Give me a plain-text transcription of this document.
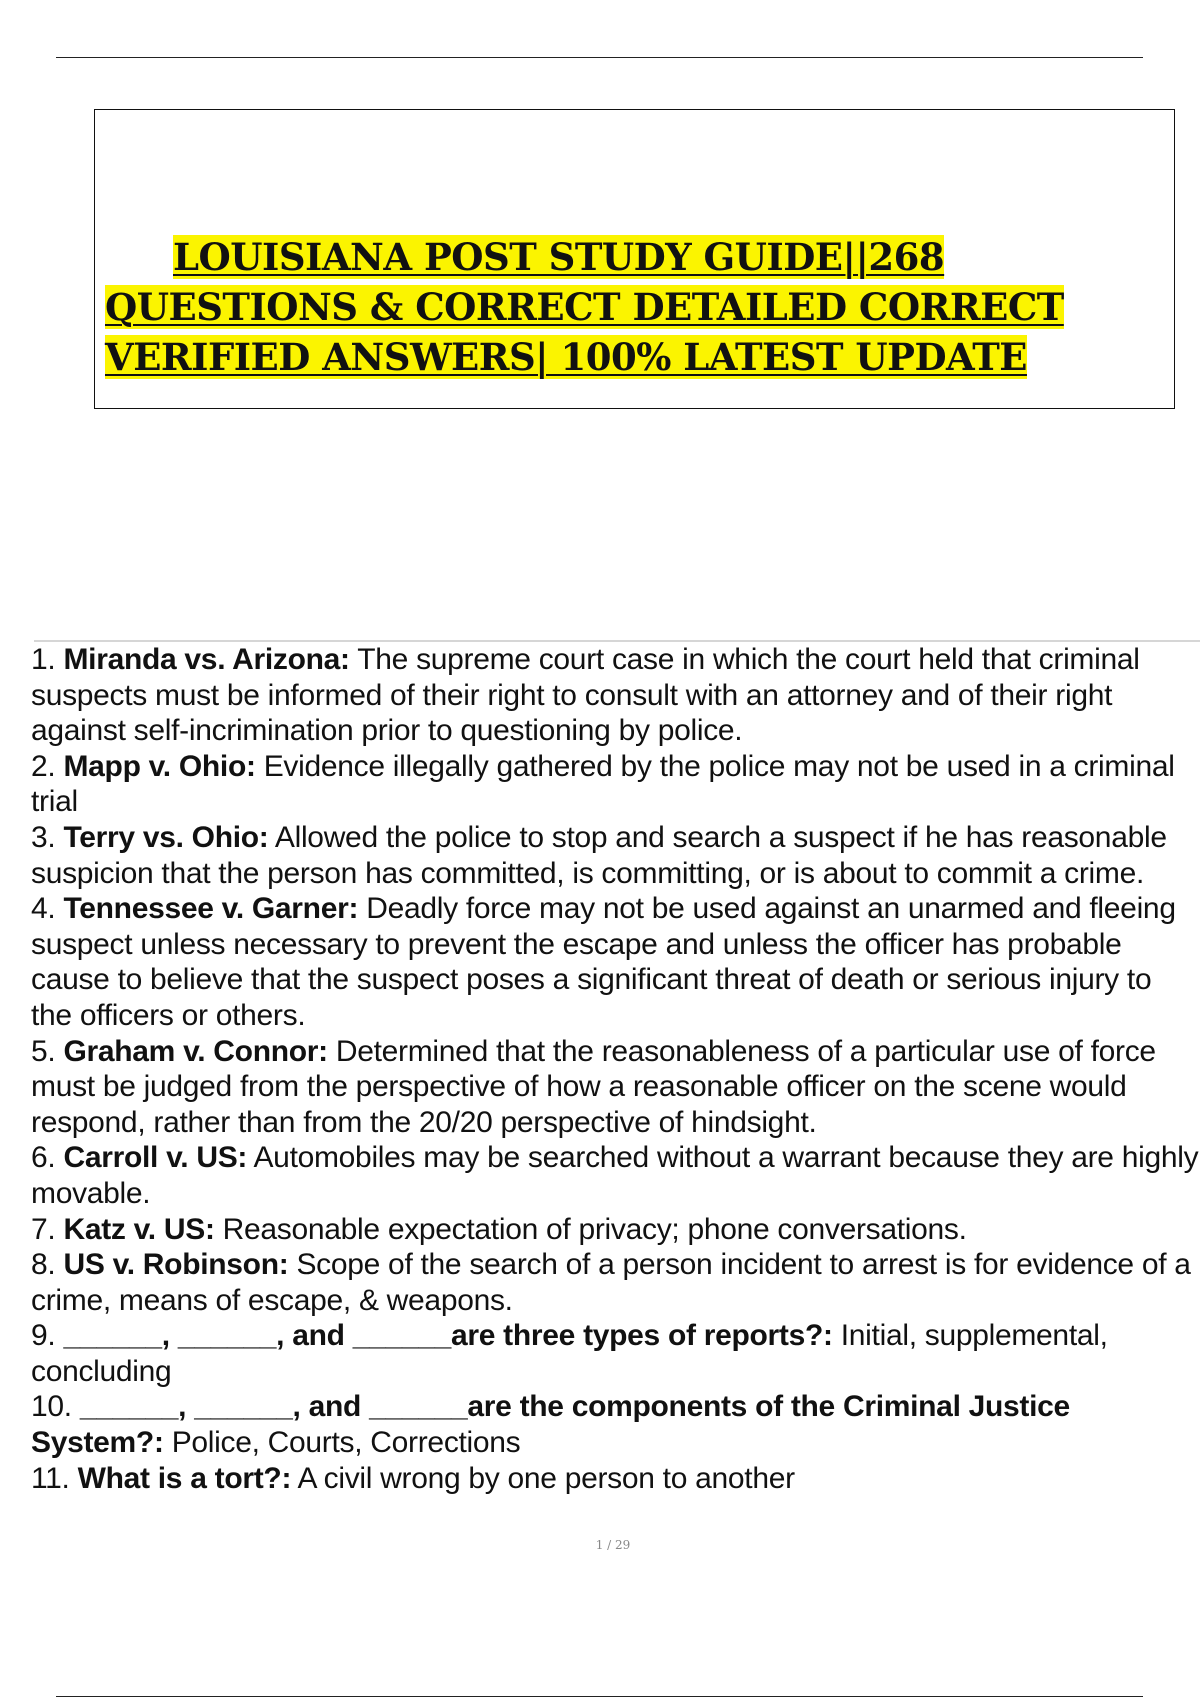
LOUISIANA POST STUDY GUIDE||268
QUESTIONS & CORRECT DETAILED CORRECT
VERIFIED ANSWERS| 100% LATEST UPDATE
1. Miranda vs. Arizona: The supreme court case in which the court held that criminal suspects must be informed of their right to consult with an attorney and of their right against self-incrimination prior to questioning by police.
2. Mapp v. Ohio: Evidence illegally gathered by the police may not be used in a criminal trial
3. Terry vs. Ohio: Allowed the police to stop and search a suspect if he has reasonable suspicion that the person has committed, is committing, or is about to commit a crime.
4. Tennessee v. Garner: Deadly force may not be used against an unarmed and fleeing suspect unless necessary to prevent the escape and unless the officer has probable cause to believe that the suspect poses a significant threat of death or serious injury to the officers or others.
5. Graham v. Connor: Determined that the reasonableness of a particular use of force must be judged from the perspective of how a reasonable officer on the scene would respond, rather than from the 20/20 perspective of hindsight.
6. Carroll v. US: Automobiles may be searched without a warrant because they are highly movable.
7. Katz v. US: Reasonable expectation of privacy; phone conversations.
8. US v. Robinson: Scope of the search of a person incident to arrest is for evidence of a crime, means of escape, & weapons.
9. ______, ______, and ______are three types of reports?: Initial, supplemental, concluding
10. ______, ______, and ______are the components of the Criminal Justice System?: Police, Courts, Corrections
11. What is a tort?: A civil wrong by one person to another
1 / 29
